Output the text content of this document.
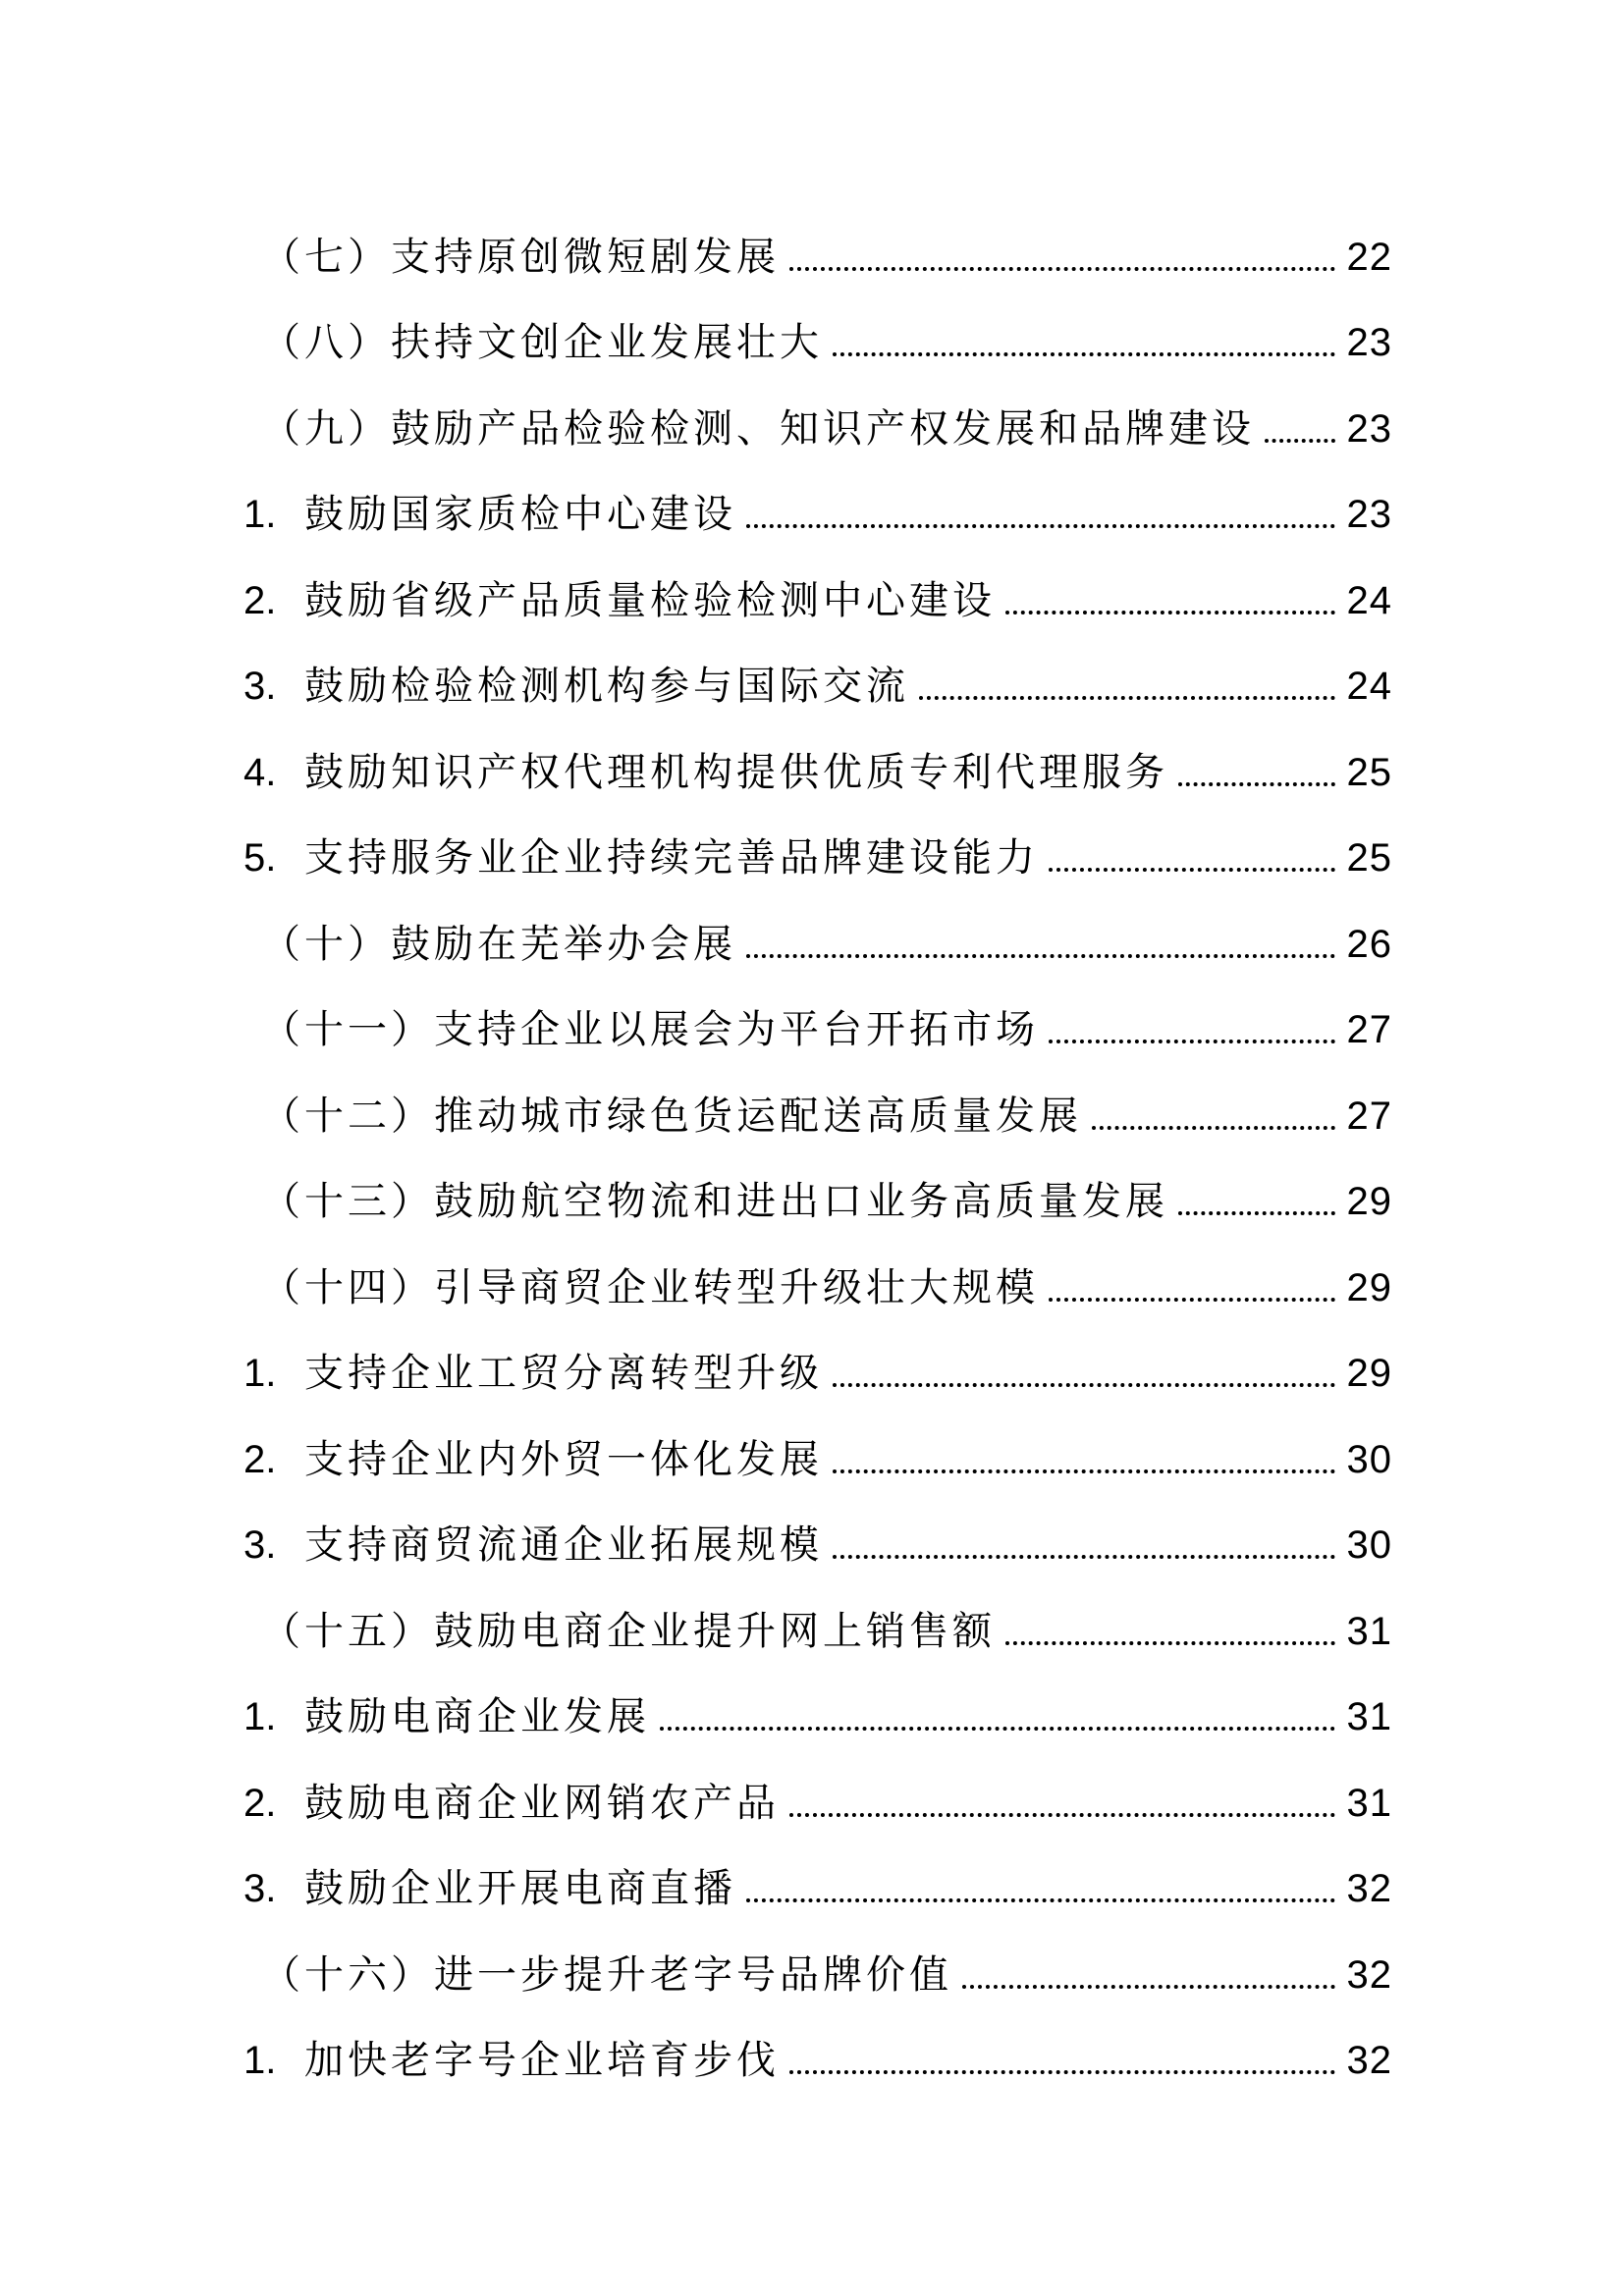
（七）支持原创微短剧发展	22
（八）扶持文创企业发展壮大	23
（九）鼓励产品检验检测、知识产权发展和品牌建设 23
1. 鼓励国家质检中心建设	23
2. 鼓励省级产品质量检验检测中心建设	24
3. 鼓励检验检测机构参与国际交流	24
4. 鼓励知识产权代理机构提供优质专利代理服务	25
5. 支持服务业企业持续完善品牌建设能力	25
（十）鼓励在芜举办会展	26
（十一）支持企业以展会为平台开拓市场	27
（十二）推动城市绿色货运配送高质量发展	27
（十三）鼓励航空物流和进出口业务高质量发展	29
（十四）引导商贸企业转型升级壮大规模	29
1. 支持企业工贸分离转型升级	29
2. 支持企业内外贸一体化发展	30
3. 支持商贸流通企业拓展规模	30
（十五）鼓励电商企业提升网上销售额	31
1. 鼓励电商企业发展	31
2. 鼓励电商企业网销农产品	31
3. 鼓励企业开展电商直播	32
（十六）进一步提升老字号品牌价值	32
1. 加快老字号企业培育步伐	32
